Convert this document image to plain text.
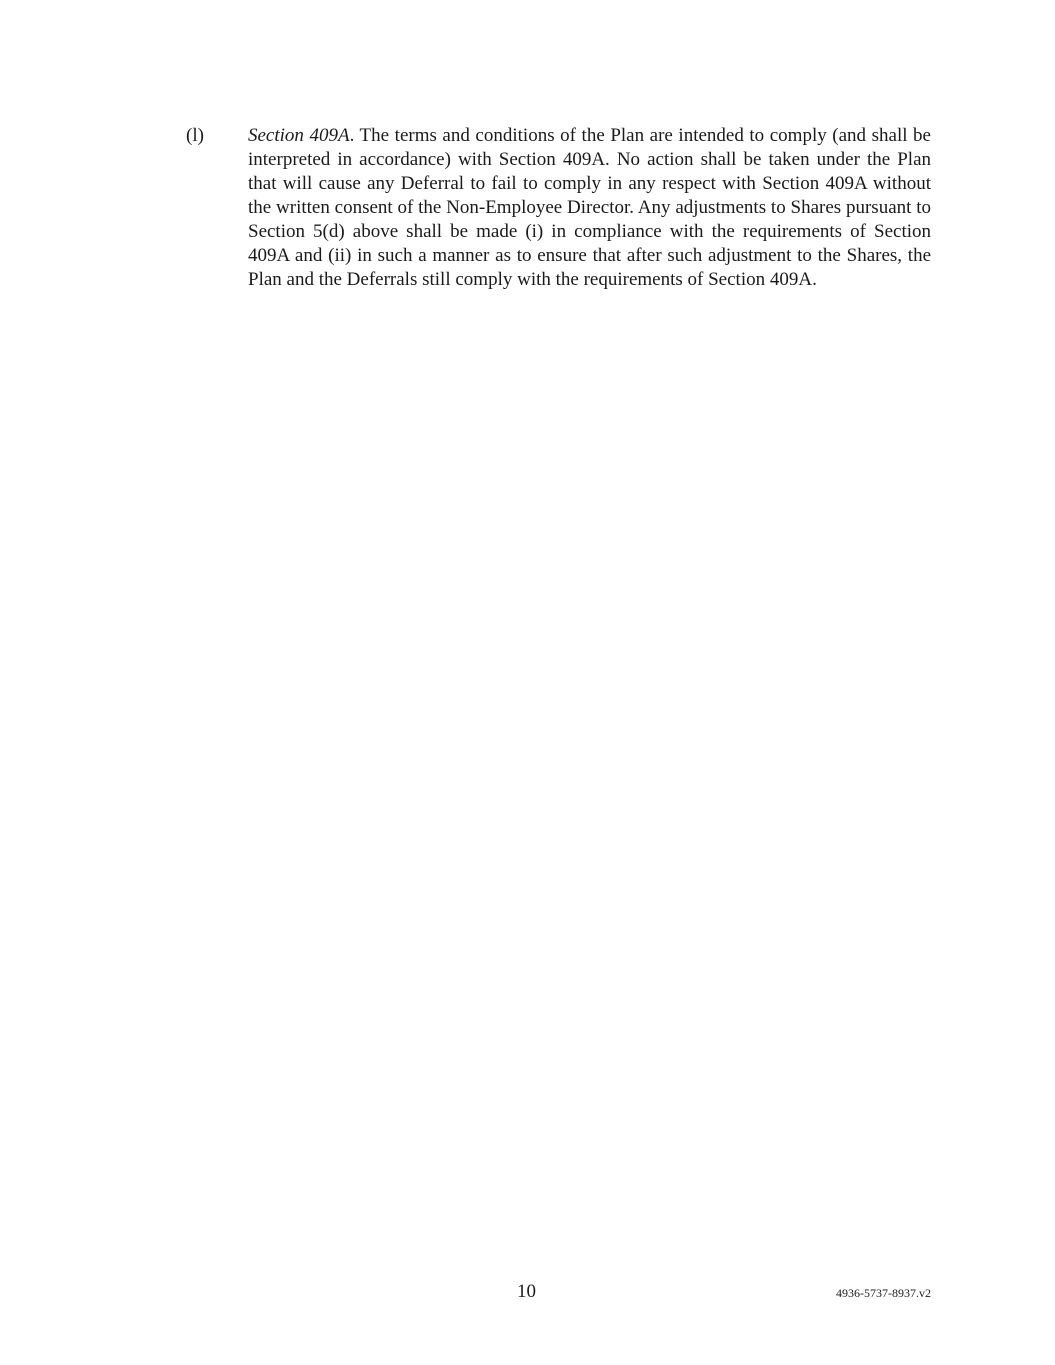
(l) Section 409A. The terms and conditions of the Plan are intended to comply (and shall be interpreted in accordance) with Section 409A. No action shall be taken under the Plan that will cause any Deferral to fail to comply in any respect with Section 409A without the written consent of the Non-Employee Director. Any adjustments to Shares pursuant to Section 5(d) above shall be made (i) in compliance with the requirements of Section 409A and (ii) in such a manner as to ensure that after such adjustment to the Shares, the Plan and the Deferrals still comply with the requirements of Section 409A.
10	4936-5737-8937.v2
